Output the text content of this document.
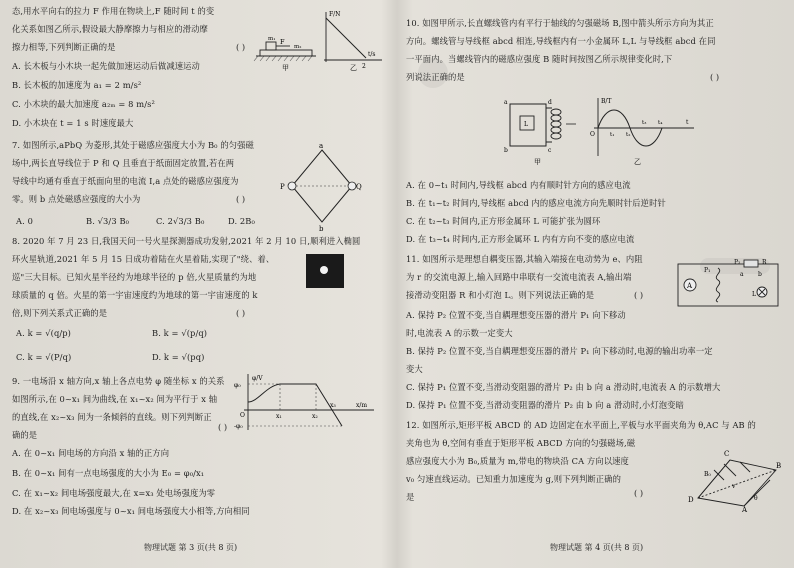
态,用水平向右的拉力 F 作用在物块上,F 随时间 t 的变
化关系如图乙所示,假设最大静摩擦力与相应的滑动摩
擦力相等,下列判断正确的是	( )
A. 长木板与小木块一起先做加速运动后做减速运动
B. 长木板的加速度为 a₁ = 2 m/s²
C. 小木块的最大加速度 a₂ₘ = 8 m/s²
D. 小木块在 t = 1 s 时速度最大
F
m₁
m₂
甲
F/N
t/s
2
乙
7. 如图所示,aPbQ 为菱形,其处于磁感应强度大小为 B₀ 的匀强磁
场中,两长直导线位于 P 和 Q 且垂直于纸面固定放置,若在两
导线中均通有垂直于纸面向里的电流 I,a 点处的磁感应强度为
零。则 b 点处磁感应强度的大小为	( )
A. 0	B. √3/3 B₀	C. 2√3/3 B₀	D. 2B₀
P	Q
a
b
8. 2020 年 7 月 23 日,我国天问一号火星探测器成功发射,2021 年 2 月 10 日,顺利进入椭圆
环火星轨道,2021 年 5 月 15 日成功着陆在火星着陆,实现了"绕、着、
巡"三大目标。已知火星半径约为地球半径的 p 倍,火星质量约为地
球质量的 q 倍。火星的第一宇宙速度约为地球的第一宇宙速度的 k
倍,则下列关系式正确的是	( )
A. k = √(q/p)	B. k = √(p/q)
C. k = √(P/q)	D. k = √(pq)
9. 一电场沿 x 轴方向,x 轴上各点电势 φ 随坐标 x 的关系
如图所示,在 0~x₁ 间为曲线,在 x₁~x₂ 间为平行于 x 轴
的直线,在 x₂~x₃ 间为一条倾斜的直线。则下列判断正
确的是
( )
A. 在 0~x₁ 间电场的方向沿 x 轴的正方向
B. 在 0~x₁ 间有一点电场强度的大小为 E₀ = φ₀/x₁
C. 在 x₁~x₂ 间电场强度最大,在 x=x₃ 处电场强度为零
D. 在 x₂~x₃ 间电场强度与 0~x₁ 间电场强度大小相等,方向相同
φ/V
φ₀
-φ₀
O	x₁	x₂
x₃	x/m
物理试题 第 3 页(共 8 页)
10. 如图甲所示,长直螺线管内有平行于轴线的匀强磁场 B,图中箭头所示方向为其正
方向。螺线管与导线框 abcd 相连,导线框内有一小金属环 L,L 与导线框 abcd 在同
一平面内。当螺线管内的磁感应强度 B 随时间按图乙所示规律变化时,下
列说法正确的是	( )
a
b	c
d
L
甲
B/T
O	t₁ t₂
t₃ t₄	t
乙
A. 在 0~t₁ 时间内,导线框 abcd 内有顺时针方向的感应电流
B. 在 t₁~t₂ 时间内,导线框 abcd 内的感应电流方向先顺时针后逆时针
C. 在 t₂~t₃ 时间内,正方形金属环 L 可能扩张为圆环
D. 在 t₃~t₄ 时间内,正方形金属环 L 内有方向不变的感应电流
11. 如图所示是理想自耦变压器,其输入端接在电动势为 e、内阻
为 r 的交流电源上,输入回路中串联有一交流电流表 A,输出端
接滑动变阻器 R 和小灯泡 L。则下列说法正确的是	( )
A. 保持 P₂ 位置不变,当自耦理想变压器的滑片 P₁ 向下移动
时,电流表 A 的示数一定变大
B. 保持 P₂ 位置不变,当自耦理想变压器的滑片 P₁ 向下移动时,电源的输出功率一定
变大
C. 保持 P₁ 位置不变,当滑动变阻器的滑片 P₂ 由 b 向 a 滑动时,电流表 A 的示数增大
D. 保持 P₁ 位置不变,当滑动变阻器的滑片 P₂ 由 b 向 a 滑动时,小灯泡变暗
A
P₁
P₂	R
a b
L
12. 如图所示,矩形平板 ABCD 的 AD 边固定在水平面上,平板与水平面夹角为 θ,AC 与 AB 的
夹角也为 θ,空间有垂直于矩形平板 ABCD 方向的匀强磁场,磁
感应强度大小为 B₀,质量为 m,带电的物块沿 CA 方向以速度
v₀ 匀速直线运动。已知重力加速度为 g,则下列判断正确的
是	( )
C
B
D
A
B₀
θ
v
物理试题 第 4 页(共 8 页)
